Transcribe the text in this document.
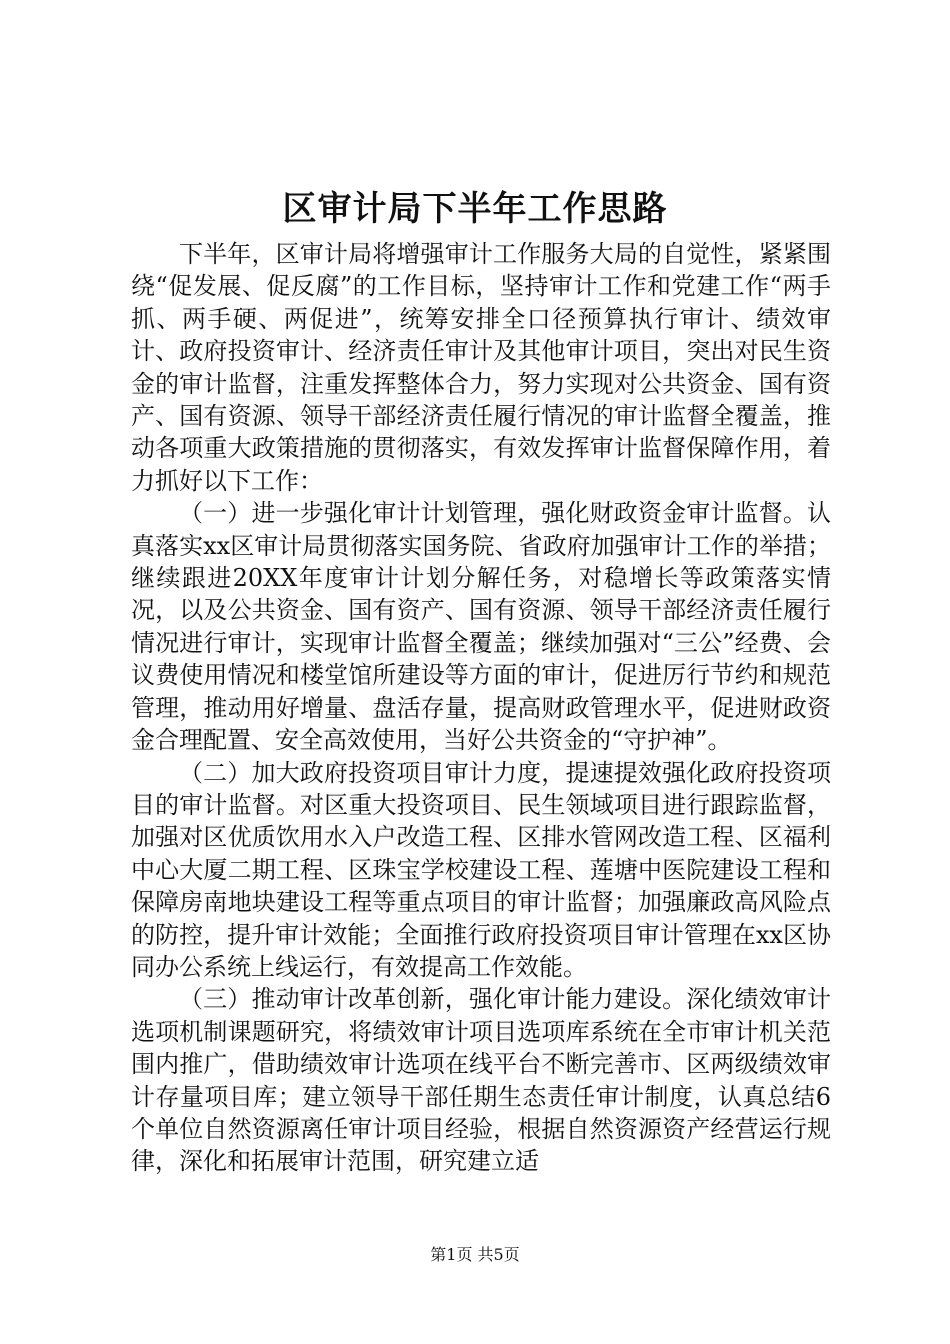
区审计局下半年工作思路

下半年，区审计局将增强审计工作服务大局的自觉性，紧紧围绕“促发展、促反腐”的工作目标，坚持审计工作和党建工作“两手抓、两手硬、两促进”，统筹安排全口径预算执行审计、绩效审计、政府投资审计、经济责任审计及其他审计项目，突出对民生资金的审计监督，注重发挥整体合力，努力实现对公共资金、国有资产、国有资源、领导干部经济责任履行情况的审计监督全覆盖，推动各项重大政策措施的贯彻落实，有效发挥审计监督保障作用，着力抓好以下工作：

（一）进一步强化审计计划管理，强化财政资金审计监督。认真落实xx区审计局贯彻落实国务院、省政府加强审计工作的举措；继续跟进20XX年度审计计划分解任务，对稳增长等政策落实情况，以及公共资金、国有资产、国有资源、领导干部经济责任履行情况进行审计，实现审计监督全覆盖；继续加强对“三公”经费、会议费使用情况和楼堂馆所建设等方面的审计，促进厉行节约和规范管理，推动用好增量、盘活存量，提高财政管理水平，促进财政资金合理配置、安全高效使用，当好公共资金的“守护神”。

（二）加大政府投资项目审计力度，提速提效强化政府投资项目的审计监督。对区重大投资项目、民生领域项目进行跟踪监督，加强对区优质饮用水入户改造工程、区排水管网改造工程、区福利中心大厦二期工程、区珠宝学校建设工程、莲塘中医院建设工程和保障房南地块建设工程等重点项目的审计监督；加强廉政高风险点的防控，提升审计效能；全面推行政府投资项目审计管理在xx区协同办公系统上线运行，有效提高工作效能。

（三）推动审计改革创新，强化审计能力建设。深化绩效审计选项机制课题研究，将绩效审计项目选项库系统在全市审计机关范围内推广，借助绩效审计选项在线平台不断完善市、区两级绩效审计存量项目库；建立领导干部任期生态责任审计制度，认真总结6个单位自然资源离任审计项目经验，根据自然资源资产经营运行规律，深化和拓展审计范围，研究建立适

第1页 共5页
